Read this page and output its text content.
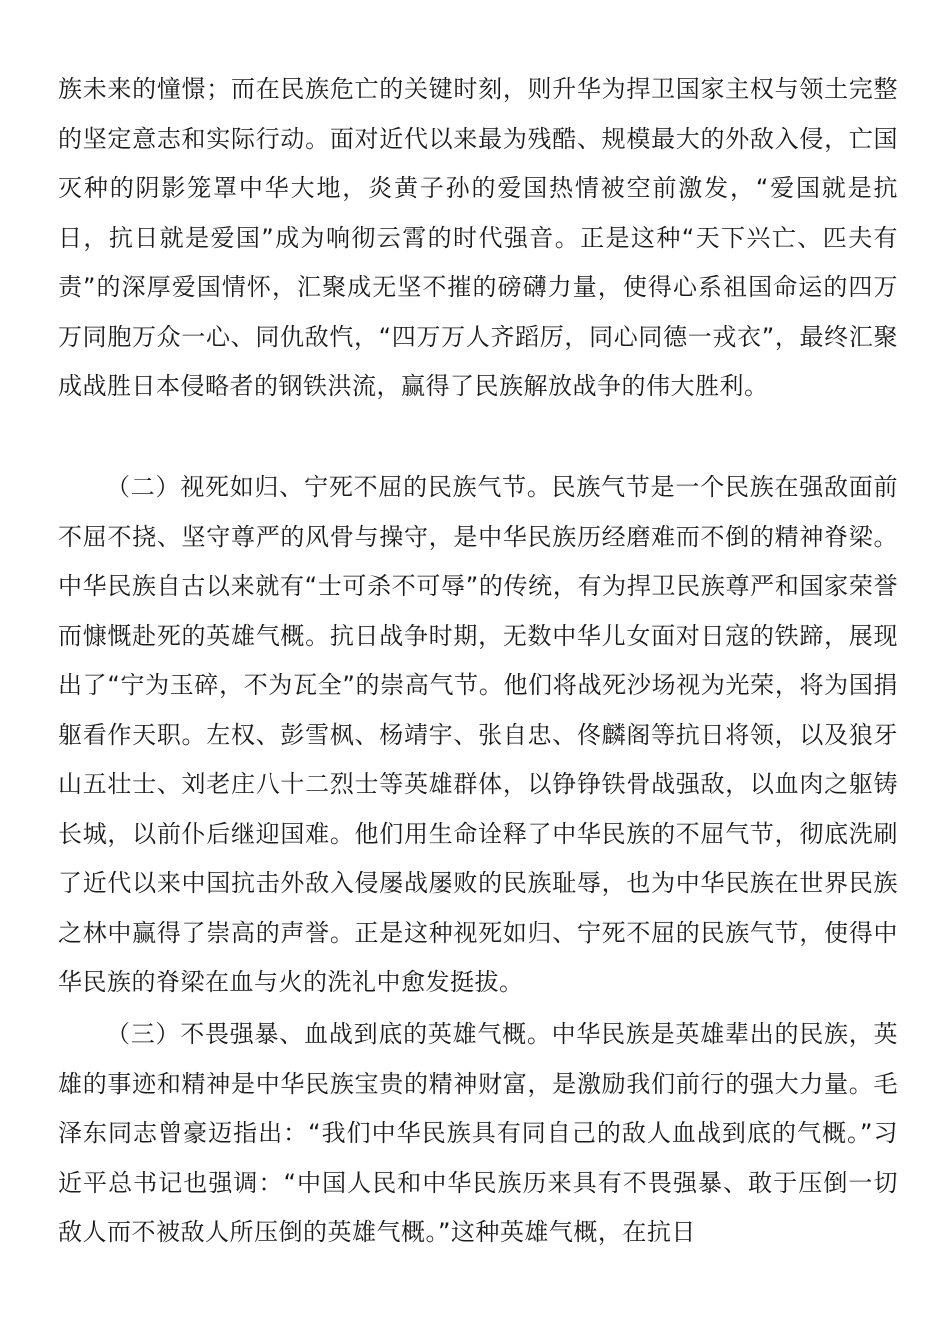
族未来的憧憬；而在民族危亡的关键时刻，则升华为捍卫国家主权与领土完整的坚定意志和实际行动。面对近代以来最为残酷、规模最大的外敌入侵，亡国灭种的阴影笼罩中华大地，炎黄子孙的爱国热情被空前激发，“爱国就是抗日，抗日就是爱国”成为响彻云霄的时代强音。正是这种“天下兴亡、匹夫有责”的深厚爱国情怀，汇聚成无坚不摧的磅礴力量，使得心系祖国命运的四万万同胞万众一心、同仇敌忾，“四万万人齐蹈厉，同心同德一戎衣”，最终汇聚成战胜日本侵略者的钢铁洪流，赢得了民族解放战争的伟大胜利。

（二）视死如归、宁死不屈的民族气节。民族气节是一个民族在强敌面前不屈不挠、坚守尊严的风骨与操守，是中华民族历经磨难而不倒的精神脊梁。中华民族自古以来就有“士可杀不可辱”的传统，有为捍卫民族尊严和国家荣誉而慷慨赴死的英雄气概。抗日战争时期，无数中华儿女面对日寇的铁蹄，展现出了“宁为玉碎，不为瓦全”的崇高气节。他们将战死沙场视为光荣，将为国捐躯看作天职。左权、彭雪枫、杨靖宇、张自忠、佟麟阁等抗日将领，以及狼牙山五壮士、刘老庄八十二烈士等英雄群体，以铮铮铁骨战强敌，以血肉之躯铸长城，以前仆后继迎国难。他们用生命诠释了中华民族的不屈气节，彻底洗刷了近代以来中国抗击外敌入侵屡战屡败的民族耻辱，也为中华民族在世界民族之林中赢得了崇高的声誉。正是这种视死如归、宁死不屈的民族气节，使得中华民族的脊梁在血与火的洗礼中愈发挺拔。

（三）不畏强暴、血战到底的英雄气概。中华民族是英雄辈出的民族，英雄的事迹和精神是中华民族宝贵的精神财富，是激励我们前行的强大力量。毛泽东同志曾豪迈指出：“我们中华民族具有同自己的敌人血战到底的气概。”习近平总书记也强调：“中国人民和中华民族历来具有不畏强暴、敢于压倒一切敌人而不被敌人所压倒的英雄气概。”这种英雄气概，在抗日
